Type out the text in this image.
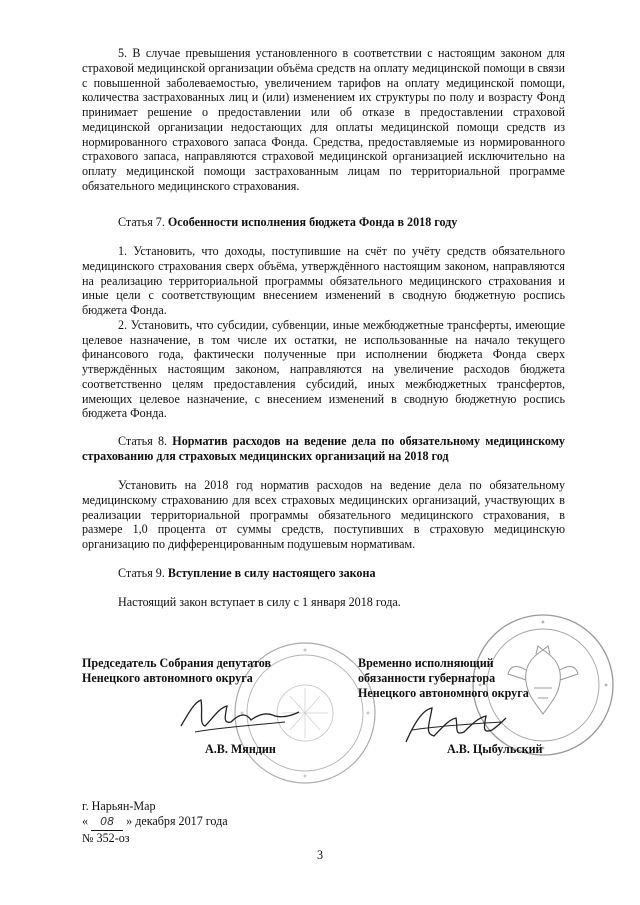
5. В случае превышения установленного в соответствии с настоящим законом для страховой медицинской организации объёма средств на оплату медицинской помощи в связи с повышенной заболеваемостью, увеличением тарифов на оплату медицинской помощи, количества застрахованных лиц и (или) изменением их структуры по полу и возрасту Фонд принимает решение о предоставлении или об отказе в предоставлении страховой медицинской организации недостающих для оплаты медицинской помощи средств из нормированного страхового запаса Фонда. Средства, предоставляемые из нормированного страхового запаса, направляются страховой медицинской организацией исключительно на оплату медицинской помощи застрахованным лицам по территориальной программе обязательного медицинского страхования.

Статья 7. Особенности исполнения бюджета Фонда в 2018 году

1. Установить, что доходы, поступившие на счёт по учёту средств обязательного медицинского страхования сверх объёма, утверждённого настоящим законом, направляются на реализацию территориальной программы обязательного медицинского страхования и иные цели с соответствующим внесением изменений в сводную бюджетную роспись бюджета Фонда.

2. Установить, что субсидии, субвенции, иные межбюджетные трансферты, имеющие целевое назначение, в том числе их остатки, не использованные на начало текущего финансового года, фактически полученные при исполнении бюджета Фонда сверх утверждённых настоящим законом, направляются на увеличение расходов бюджета соответственно целям предоставления субсидий, иных межбюджетных трансфертов, имеющих целевое назначение, с внесением изменений в сводную бюджетную роспись бюджета Фонда.

Статья 8. Норматив расходов на ведение дела по обязательному медицинскому страхованию для страховых медицинских организаций на 2018 год

Установить на 2018 год норматив расходов на ведение дела по обязательному медицинскому страхованию для всех страховых медицинских организаций, участвующих в реализации территориальной программы обязательного медицинского страхования, в размере 1,0 процента от суммы средств, поступивших в страховую медицинскую организацию по дифференцированным подушевым нормативам.

Статья 9. Вступление в силу настоящего закона

Настоящий закон вступает в силу с 1 января 2018 года.

Председатель Собрания депутатов
Ненецкого автономного округа
А.В. Мяндин
Временно исполняющий
обязанности губернатора
Ненецкого автономного округа
А.В. Цыбульский
г. Нарьян-Мар
« 08 » декабря 2017 года
№ 352-оз
3
